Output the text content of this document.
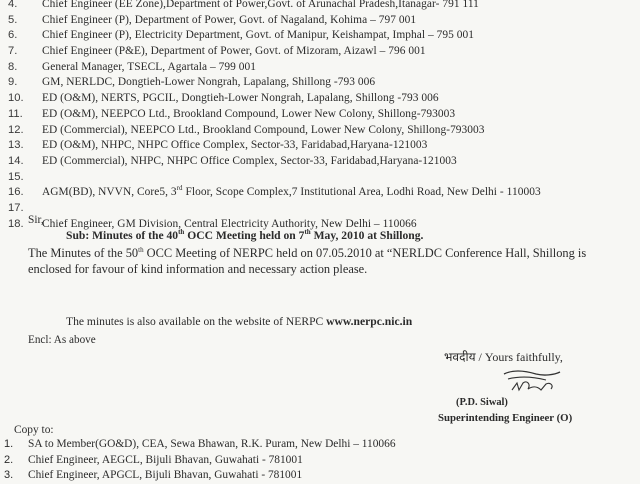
4.	Chief Engineer (EE Zone),Department of Power,Govt. of Arunachal Pradesh,Itanagar- 791 111
5.	Chief Engineer (P), Department of Power, Govt. of Nagaland, Kohima – 797 001
6.	Chief Engineer (P), Electricity Department, Govt. of Manipur, Keishampat, Imphal – 795 001
7.	Chief Engineer (P&E), Department of Power, Govt. of Mizoram, Aizawl – 796 001
8.	General Manager, TSECL, Agartala – 799 001
9.	GM, NERLDC, Dongtieh-Lower Nongrah, Lapalang, Shillong -793 006
10.	ED (O&M), NERTS, PGCIL, Dongtieh-Lower Nongrah, Lapalang, Shillong -793 006
11.	ED (O&M), NEEPCO Ltd., Brookland Compound, Lower New Colony, Shillong-793003
12.	ED (Commercial), NEEPCO Ltd., Brookland Compound, Lower New Colony, Shillong-793003
13.	ED (O&M), NHPC, NHPC Office Complex, Sector-33, Faridabad,Haryana-121003
14.	ED (Commercial), NHPC, NHPC Office Complex, Sector-33, Faridabad,Haryana-121003
15.
16.	AGM(BD), NVVN, Core5, 3rd Floor, Scope Complex,7 Institutional Area, Lodhi Road, New Delhi - 110003
17.
18.	Chief Engineer, GM Division, Central Electricity Authority, New Delhi – 110066
Sir,
Sub: Minutes of the 40th OCC Meeting held on 7th May, 2010 at Shillong.
The Minutes of the 50th OCC Meeting of NERPC held on 07.05.2010 at “NERLDC Conference Hall, Shillong is enclosed for favour of kind information and necessary action please.
The minutes is also available on the website of NERPC www.nerpc.nic.in
Encl: As above
भवदीय / Yours faithfully,
(P.D. Siwal)
Superintending Engineer (O)
Copy to:
1.	SA to Member(GO&D), CEA, Sewa Bhawan, R.K. Puram, New Delhi – 110066
2.	Chief Engineer, AEGCL, Bijuli Bhavan, Guwahati - 781001
3.	Chief Engineer, APGCL, Bijuli Bhavan, Guwahati - 781001
